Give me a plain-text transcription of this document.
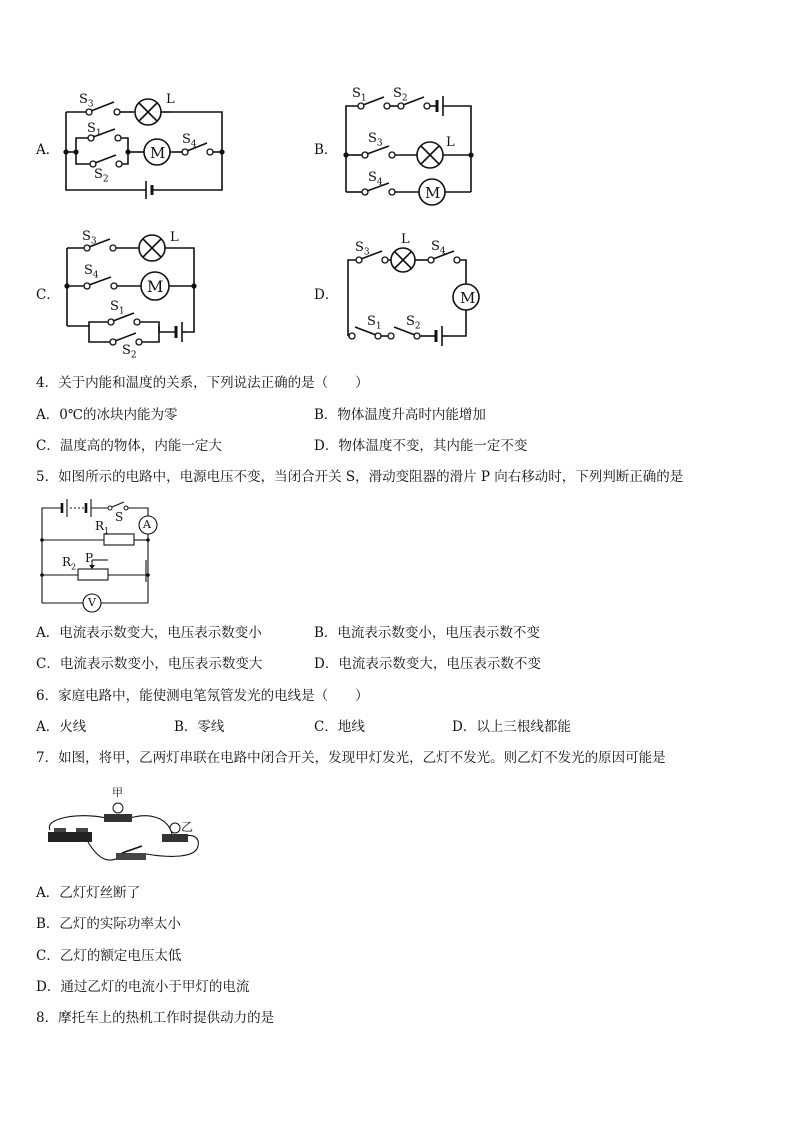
A．
$S_3$	L
$S_1$
$S_2$
M
$S_4$	B．
$S_1$ $S_2$
$S_3$	L
$S_4$
M
C．
$S_3$	L
$S_4$
M
$S_1$
$S_2$
D．
$S_3$
L $S_4$
M
$S_1$ $S_2$
4．关于内能和温度的关系，下列说法正确的是（　　）
A．0℃的冰块内能为零	B．物体温度升高时内能增加
C．温度高的物体，内能一定大	D．物体温度不变，其内能一定不变
5．如图所示的电路中，电源电压不变，当闭合开关 S，滑动变阻器的滑片 P 向右移动时，下列判断正确的是
S
A
$R_1$
$R_2$
P
V
A．电流表示数变大，电压表示数变小	B．电流表示数变小，电压表示数不变
C．电流表示数变小，电压表示数变大	D．电流表示数变大，电压表示数不变
6．家庭电路中，能使测电笔氖管发光的电线是（　　）
A．火线	B．零线	C．地线	D．以上三根线都能
7．如图，将甲，乙两灯串联在电路中闭合开关，发现甲灯发光，乙灯不发光。则乙灯不发光的原因可能是
甲
乙
A．乙灯灯丝断了
B．乙灯的实际功率太小
C．乙灯的额定电压太低
D．通过乙灯的电流小于甲灯的电流
8．摩托车上的热机工作时提供动力的是
